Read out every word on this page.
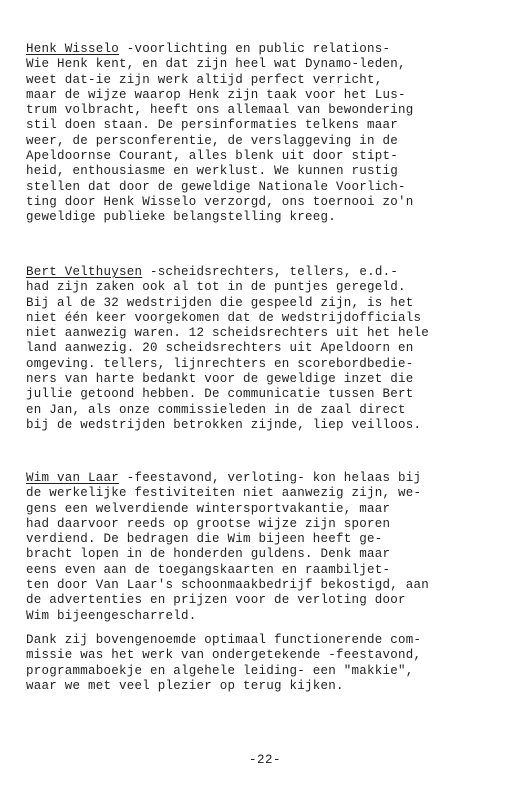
Henk Wisselo -voorlichting en public relations-
Wie Henk kent, en dat zijn heel wat Dynamo-leden,
weet dat-ie zijn werk altijd perfect verricht,
maar de wijze waarop Henk zijn taak voor het Lus-
trum volbracht, heeft ons allemaal van bewondering
stil doen staan. De persinformaties telkens maar
weer, de persconferentie, de verslaggeving in de
Apeldoornse Courant, alles blenk uit door stipt-
heid, enthousiasme en werklust. We kunnen rustig
stellen dat door de geweldige Nationale Voorlich-
ting door Henk Wisselo verzorgd, ons toernooi zo'n
geweldige publieke belangstelling kreeg.
Bert Velthuysen -scheidsrechters, tellers, e.d.-
had zijn zaken ook al tot in de puntjes geregeld.
Bij al de 32 wedstrijden die gespeeld zijn, is het
niet één keer voorgekomen dat de wedstrijdofficials
niet aanwezig waren. 12 scheidsrechters uit het hele
land aanwezig. 20 scheidsrechters uit Apeldoorn en
omgeving. tellers, lijnrechters en scorebordbedie-
ners van harte bedankt voor de geweldige inzet die
jullie getoond hebben. De communicatie tussen Bert
en Jan, als onze commissieleden in de zaal direct
bij de wedstrijden betrokken zijnde, liep veilloos.
Wim van Laar -feestavond, verloting- kon helaas bij
de werkelijke festiviteiten niet aanwezig zijn, we-
gens een welverdiende wintersportvakantie, maar
had daarvoor reeds op grootse wijze zijn sporen
verdiend. De bedragen die Wim bijeen heeft ge-
bracht lopen in de honderden guldens. Denk maar
eens even aan de toegangskaarten en raambiljet-
ten door Van Laar's schoonmaakbedrijf bekostigd, aan
de advertenties en prijzen voor de verloting door
Wim bijeengescharreld.
Dank zij bovengenoemde optimaal functionerende com-
missie was het werk van ondergetekende -feestavond,
programmaboekje en algehele leiding- een "makkie",
waar we met veel plezier op terug kijken.
-22-
